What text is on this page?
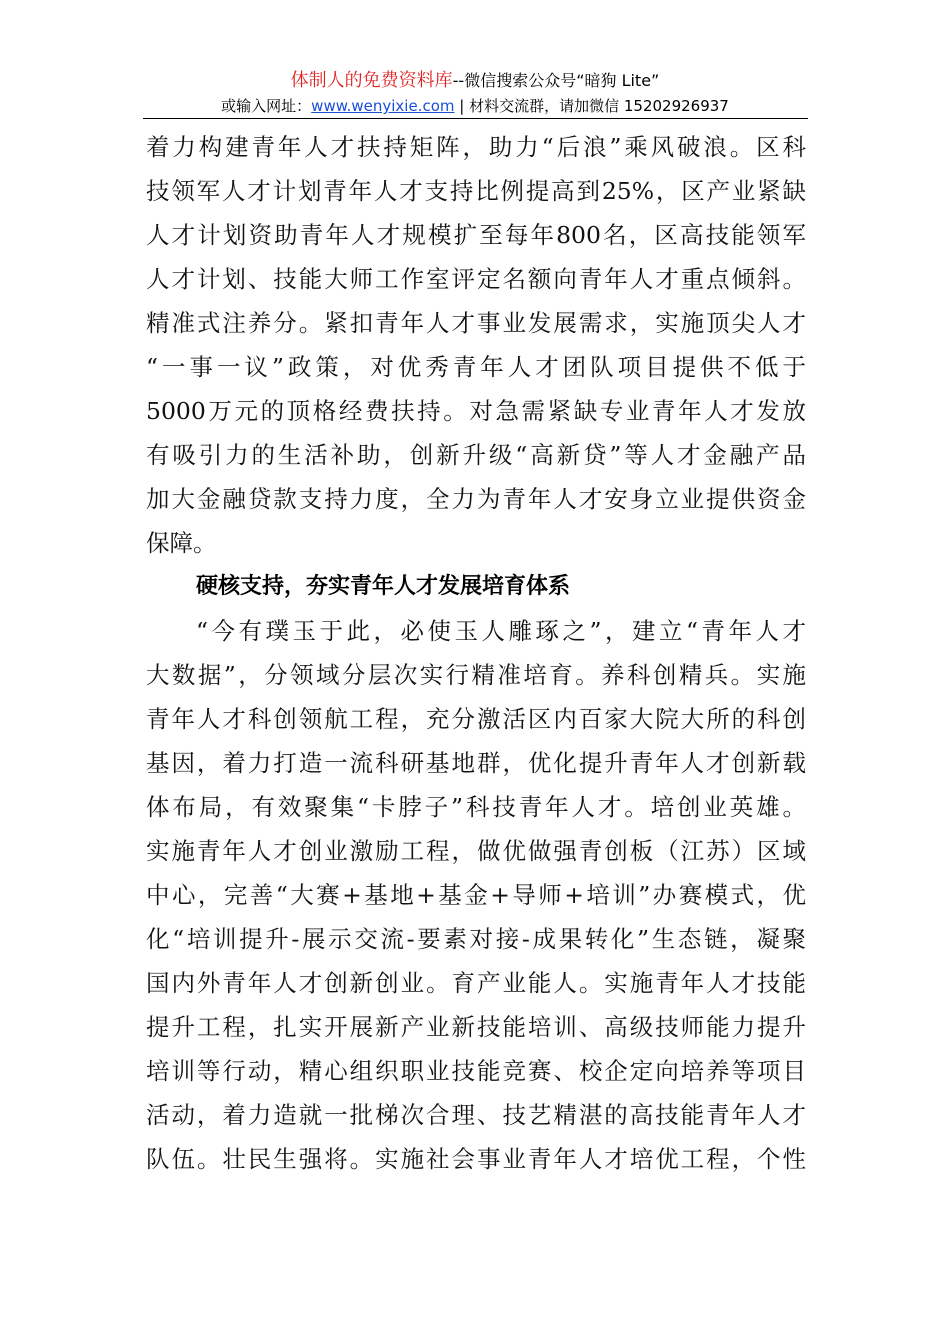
体制人的免费资料库--微信搜索公众号“暗狗 Lite”
或输入网址：www.wenyixie.com | 材料交流群，请加微信 15202926937
着力构建青年人才扶持矩阵，助力“后浪”乘风破浪。区科
技领军人才计划青年人才支持比例提高到25%，区产业紧缺
人才计划资助青年人才规模扩至每年800名，区高技能领军
人才计划、技能大师工作室评定名额向青年人才重点倾斜。
精准式注养分。紧扣青年人才事业发展需求，实施顶尖人才
“一事一议”政策，对优秀青年人才团队项目提供不低于
5000万元的顶格经费扶持。对急需紧缺专业青年人才发放
有吸引力的生活补助，创新升级“高新贷”等人才金融产品
加大金融贷款支持力度，全力为青年人才安身立业提供资金
保障。
硬核支持，夯实青年人才发展培育体系
“今有璞玉于此，必使玉人雕琢之”，建立“青年人才
大数据”，分领域分层次实行精准培育。养科创精兵。实施
青年人才科创领航工程，充分激活区内百家大院大所的科创
基因，着力打造一流科研基地群，优化提升青年人才创新载
体布局，有效聚集“卡脖子”科技青年人才。培创业英雄。
实施青年人才创业激励工程，做优做强青创板（江苏）区域
中心，完善“大赛+基地+基金+导师+培训”办赛模式，优
化“培训提升-展示交流-要素对接-成果转化”生态链，凝聚
国内外青年人才创新创业。育产业能人。实施青年人才技能
提升工程，扎实开展新产业新技能培训、高级技师能力提升
培训等行动，精心组织职业技能竞赛、校企定向培养等项目
活动，着力造就一批梯次合理、技艺精湛的高技能青年人才
队伍。壮民生强将。实施社会事业青年人才培优工程，个性
